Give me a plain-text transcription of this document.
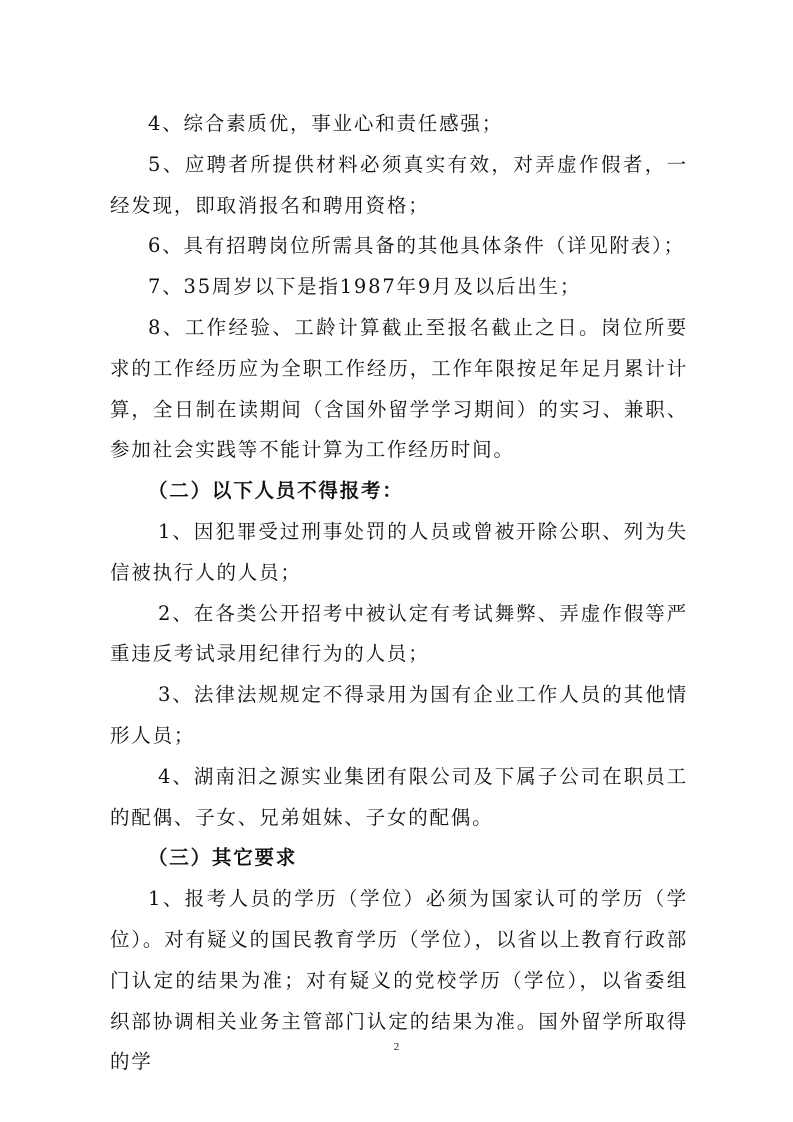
4、综合素质优，事业心和责任感强；

5、应聘者所提供材料必须真实有效，对弄虚作假者，一经发现，即取消报名和聘用资格；

6、具有招聘岗位所需具备的其他具体条件（详见附表）；

7、35周岁以下是指1987年9月及以后出生；

8、工作经验、工龄计算截止至报名截止之日。岗位所要求的工作经历应为全职工作经历，工作年限按足年足月累计计算，全日制在读期间（含国外留学学习期间）的实习、兼职、参加社会实践等不能计算为工作经历时间。

（二）以下人员不得报考：

1、因犯罪受过刑事处罚的人员或曾被开除公职、列为失信被执行人的人员；

2、在各类公开招考中被认定有考试舞弊、弄虚作假等严重违反考试录用纪律行为的人员；

3、法律法规规定不得录用为国有企业工作人员的其他情形人员；

4、湖南汨之源实业集团有限公司及下属子公司在职员工的配偶、子女、兄弟姐妹、子女的配偶。

（三）其它要求

1、报考人员的学历（学位）必须为国家认可的学历（学位）。对有疑义的国民教育学历（学位），以省以上教育行政部门认定的结果为准；对有疑义的党校学历（学位），以省委组织部协调相关业务主管部门认定的结果为准。国外留学所取得的学

2
